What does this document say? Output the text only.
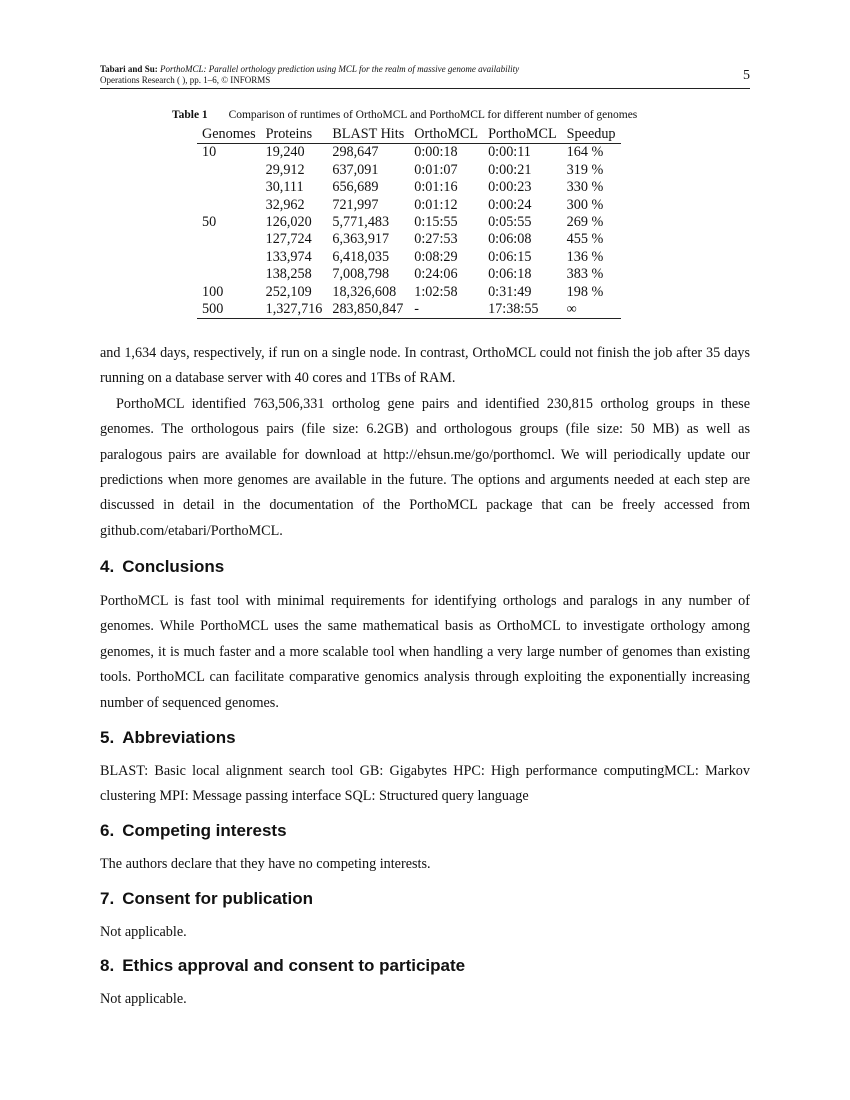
Tabari and Su: PorthoMCL: Parallel orthology prediction using MCL for the realm of massive genome availability
Operations Research ( ), pp. 1–6, © INFORMS	5
Table 1 Comparison of runtimes of OrthoMCL and PorthoMCL for different number of genomes
Genomes	Proteins	BLAST Hits	OrthoMCL	PorthoMCL	Speedup
10	19,240	298,647	0:00:18	0:00:11	164 %
	29,912	637,091	0:01:07	0:00:21	319 %
	30,111	656,689	0:01:16	0:00:23	330 %
	32,962	721,997	0:01:12	0:00:24	300 %
50	126,020	5,771,483	0:15:55	0:05:55	269 %
	127,724	6,363,917	0:27:53	0:06:08	455 %
	133,974	6,418,035	0:08:29	0:06:15	136 %
	138,258	7,008,798	0:24:06	0:06:18	383 %
100	252,109	18,326,608	1:02:58	0:31:49	198 %
500	1,327,716	283,850,847	-	17:38:55	∞

and 1,634 days, respectively, if run on a single node. In contrast, OrthoMCL could not finish the job after 35 days running on a database server with 40 cores and 1TBs of RAM.

PorthoMCL identified 763,506,331 ortholog gene pairs and identified 230,815 ortholog groups in these genomes. The orthologous pairs (file size: 6.2GB) and orthologous groups (file size: 50 MB) as well as paralogous pairs are available for download at http://ehsun.me/go/porthomcl. We will periodically update our predictions when more genomes are available in the future. The options and arguments needed at each step are discussed in detail in the documentation of the PorthoMCL package that can be freely accessed from github.com/etabari/PorthoMCL.

4. Conclusions

PorthoMCL is fast tool with minimal requirements for identifying orthologs and paralogs in any number of genomes. While PorthoMCL uses the same mathematical basis as OrthoMCL to investigate orthology among genomes, it is much faster and a more scalable tool when handling a very large number of genomes than existing tools. PorthoMCL can facilitate comparative genomics analysis through exploiting the exponentially increasing number of sequenced genomes.

5. Abbreviations

BLAST: Basic local alignment search tool GB: Gigabytes HPC: High performance computingMCL: Markov clustering MPI: Message passing interface SQL: Structured query language

6. Competing interests

The authors declare that they have no competing interests.

7. Consent for publication

Not applicable.

8. Ethics approval and consent to participate

Not applicable.
